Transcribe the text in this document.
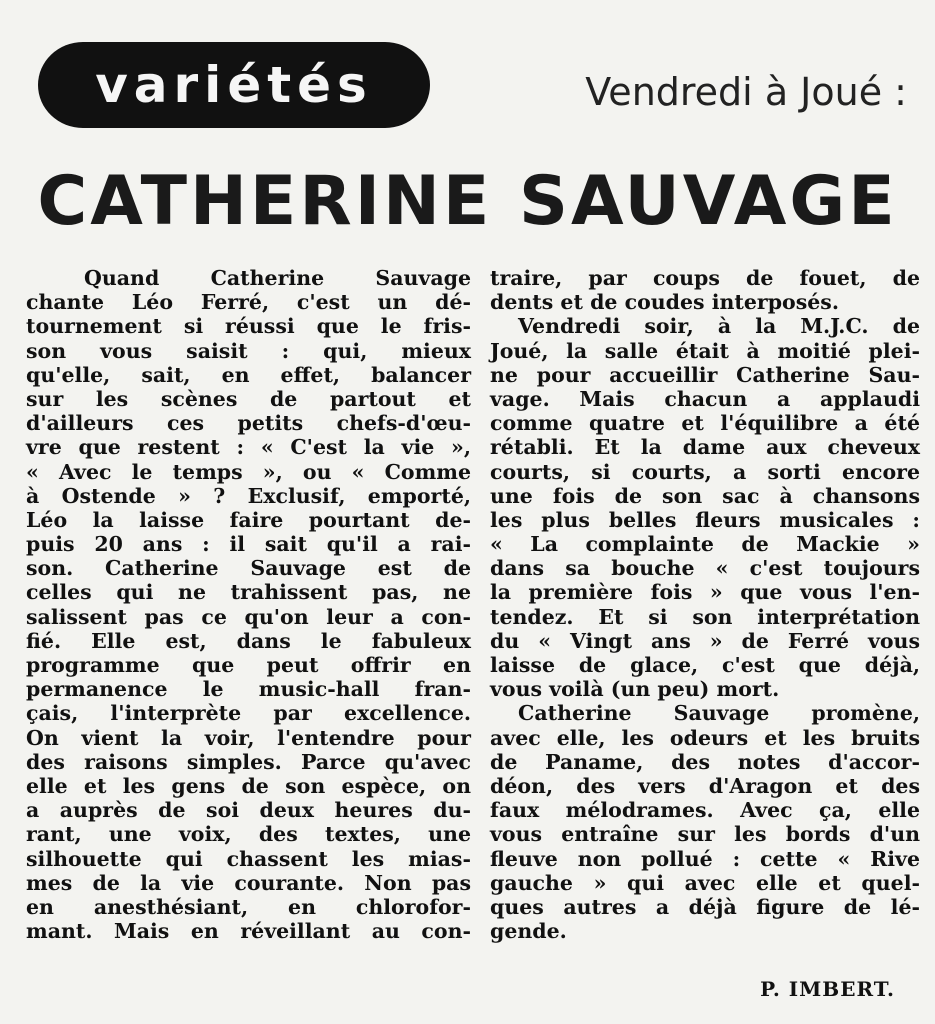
variétés	Vendredi à Joué :
CATHERINE SAUVAGE
Quand Catherine Sauvage
chante Léo Ferré, c'est un dé-
tournement si réussi que le fris-
son vous saisit : qui, mieux
qu'elle, sait, en effet, balancer
sur les scènes de partout et
d'ailleurs ces petits chefs-d'œu-
vre que restent : « C'est la vie »,
« Avec le temps », ou « Comme
à Ostende » ? Exclusif, emporté,
Léo la laisse faire pourtant de-
puis 20 ans : il sait qu'il a rai-
son. Catherine Sauvage est de
celles qui ne trahissent pas, ne
salissent pas ce qu'on leur a con-
fié. Elle est, dans le fabuleux
programme que peut offrir en
permanence le music-hall fran-
çais, l'interprète par excellence.
On vient la voir, l'entendre pour
des raisons simples. Parce qu'avec
elle et les gens de son espèce, on
a auprès de soi deux heures du-
rant, une voix, des textes, une
silhouette qui chassent les mias-
mes de la vie courante. Non pas
en anesthésiant, en chlorofor-
mant. Mais en réveillant au con-
traire, par coups de fouet, de
dents et de coudes interposés.
Vendredi soir, à la M.J.C. de
Joué, la salle était à moitié plei-
ne pour accueillir Catherine Sau-
vage. Mais chacun a applaudi
comme quatre et l'équilibre a été
rétabli. Et la dame aux cheveux
courts, si courts, a sorti encore
une fois de son sac à chansons
les plus belles fleurs musicales :
« La complainte de Mackie »
dans sa bouche « c'est toujours
la première fois » que vous l'en-
tendez. Et si son interprétation
du « Vingt ans » de Ferré vous
laisse de glace, c'est que déjà,
vous voilà (un peu) mort.
Catherine Sauvage promène,
avec elle, les odeurs et les bruits
de Paname, des notes d'accor-
déon, des vers d'Aragon et des
faux mélodrames. Avec ça, elle
vous entraîne sur les bords d'un
fleuve non pollué : cette « Rive
gauche » qui avec elle et quel-
ques autres a déjà figure de lé-
gende.
P. IMBERT.
